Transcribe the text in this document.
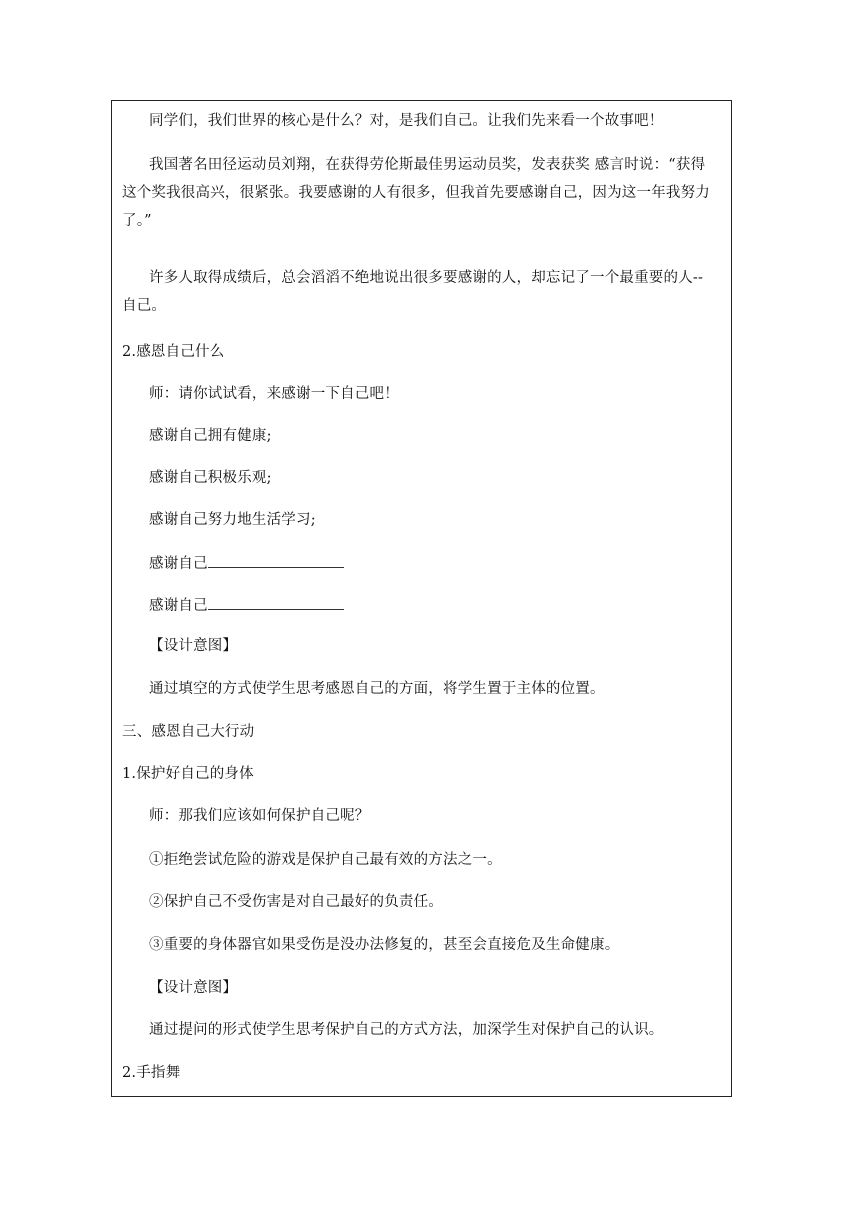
同学们，我们世界的核心是什么？对，是我们自己。让我们先来看一个故事吧！
我国著名田径运动员刘翔，在获得劳伦斯最佳男运动员奖，发表获奖 感言时说：“获得这个奖我很高兴，很紧张。我要感谢的人有很多，但我首先要感谢自己，因为这一年我努力了。”
许多人取得成绩后，总会滔滔不绝地说出很多要感谢的人，却忘记了一个最重要的人--自己。
2.感恩自己什么
师：请你试试看，来感谢一下自己吧！
感谢自己拥有健康;
感谢自己积极乐观;
感谢自己努力地生活学习;
感谢自己
感谢自己
【设计意图】
通过填空的方式使学生思考感恩自己的方面，将学生置于主体的位置。
三、感恩自己大行动
1.保护好自己的身体
师：那我们应该如何保护自己呢？
①拒绝尝试危险的游戏是保护自己最有效的方法之一。
②保护自己不受伤害是对自己最好的负责任。
③重要的身体器官如果受伤是没办法修复的，甚至会直接危及生命健康。
【设计意图】
通过提问的形式使学生思考保护自己的方式方法，加深学生对保护自己的认识。
2.手指舞
